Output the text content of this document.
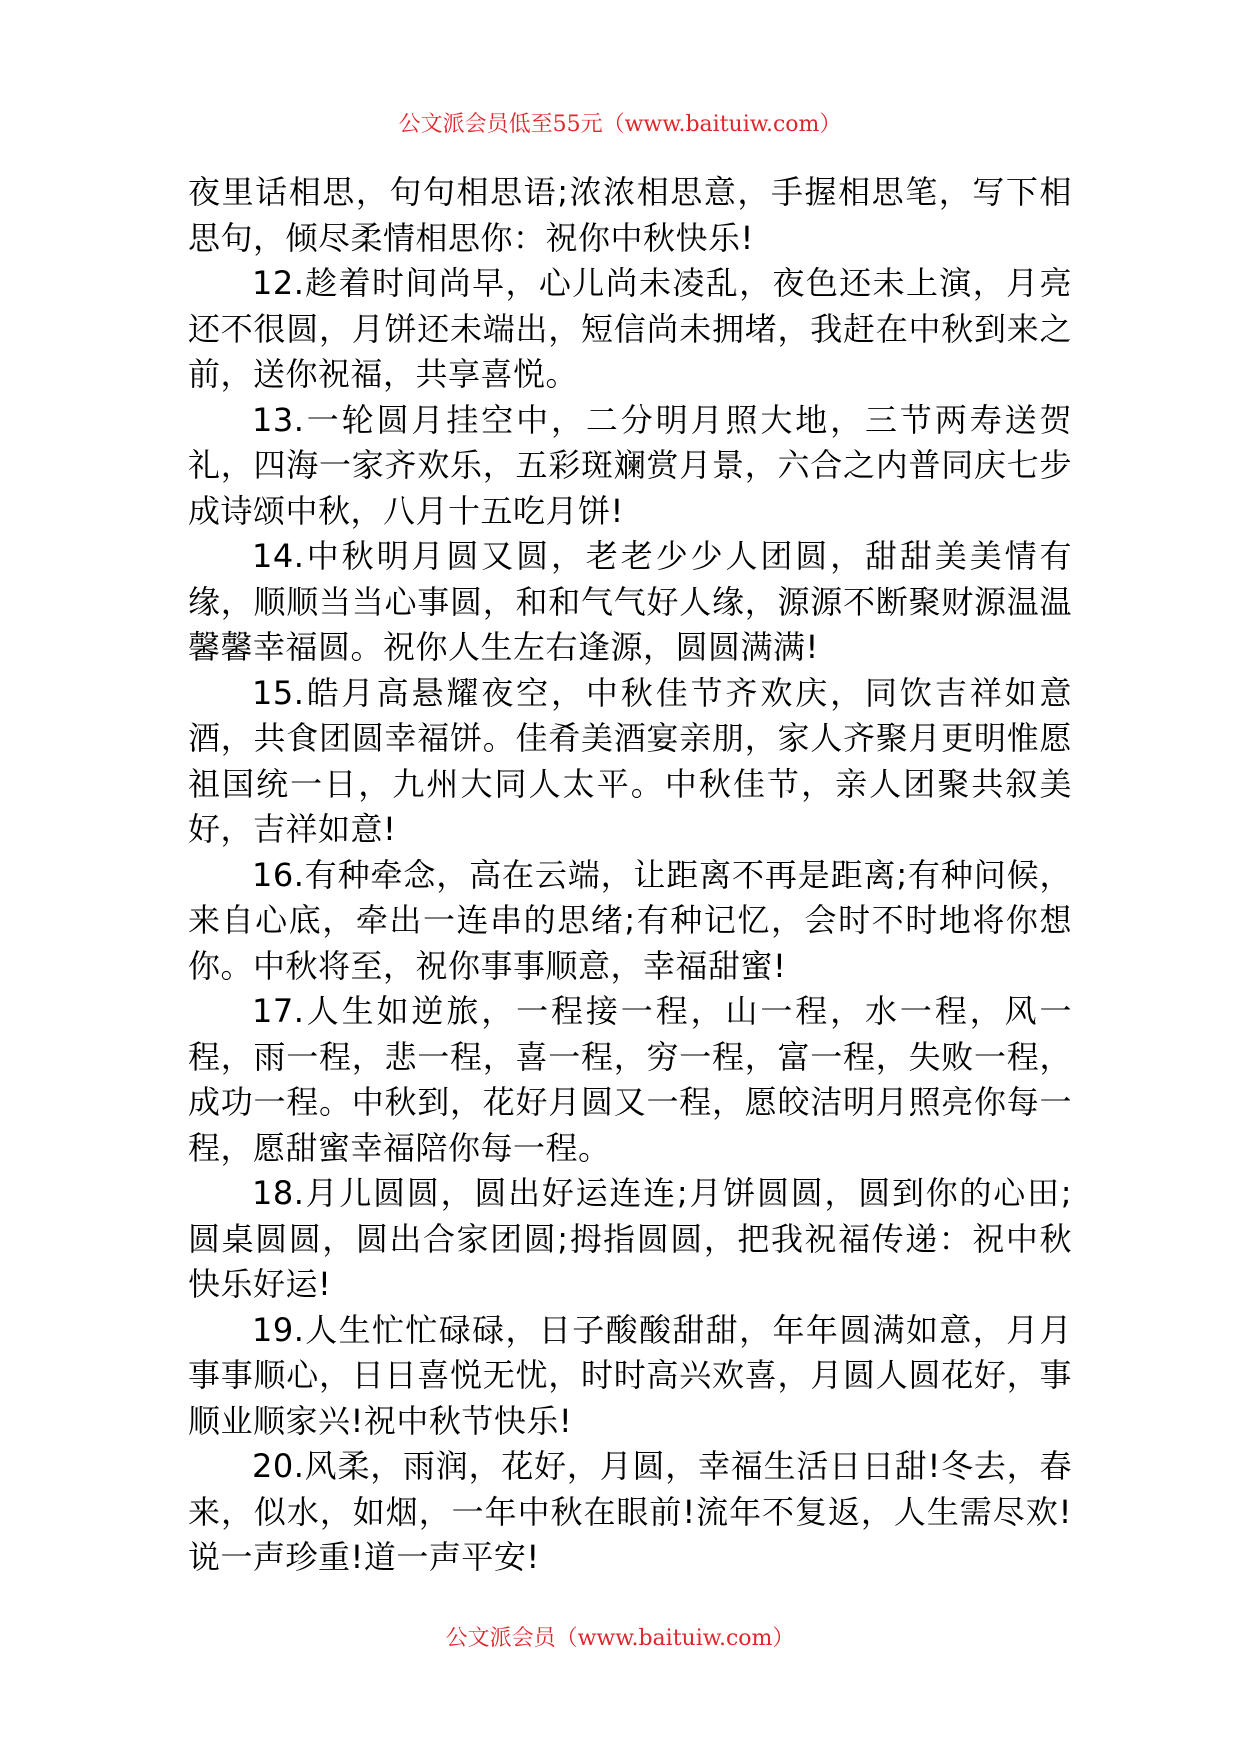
公文派会员低至55元（www.baituiw.com）

夜里话相思，句句相思语;浓浓相思意，手握相思笔，写下相思句，倾尽柔情相思你：祝你中秋快乐!

12.趁着时间尚早，心儿尚未凌乱，夜色还未上演，月亮还不很圆，月饼还未端出，短信尚未拥堵，我赶在中秋到来之前，送你祝福，共享喜悦。

13.一轮圆月挂空中，二分明月照大地，三节两寿送贺礼，四海一家齐欢乐，五彩斑斓赏月景，六合之内普同庆七步成诗颂中秋，八月十五吃月饼!

14.中秋明月圆又圆，老老少少人团圆，甜甜美美情有缘，顺顺当当心事圆，和和气气好人缘，源源不断聚财源温温馨馨幸福圆。祝你人生左右逢源，圆圆满满!

15.皓月高悬耀夜空，中秋佳节齐欢庆，同饮吉祥如意酒，共食团圆幸福饼。佳肴美酒宴亲朋，家人齐聚月更明惟愿祖国统一日，九州大同人太平。中秋佳节，亲人团聚共叙美好，吉祥如意!

16.有种牵念，高在云端，让距离不再是距离;有种问候，来自心底，牵出一连串的思绪;有种记忆，会时不时地将你想你。中秋将至，祝你事事顺意，幸福甜蜜!

17.人生如逆旅，一程接一程，山一程，水一程，风一程，雨一程，悲一程，喜一程，穷一程，富一程，失败一程，成功一程。中秋到，花好月圆又一程，愿皎洁明月照亮你每一程，愿甜蜜幸福陪你每一程。

18.月儿圆圆，圆出好运连连;月饼圆圆，圆到你的心田;圆桌圆圆，圆出合家团圆;拇指圆圆，把我祝福传递：祝中秋快乐好运!

19.人生忙忙碌碌，日子酸酸甜甜，年年圆满如意，月月事事顺心，日日喜悦无忧，时时高兴欢喜，月圆人圆花好，事顺业顺家兴!祝中秋节快乐!

20.风柔，雨润，花好，月圆，幸福生活日日甜!冬去，春来，似水，如烟，一年中秋在眼前!流年不复返，人生需尽欢!说一声珍重!道一声平安!

公文派会员（www.baituiw.com）
